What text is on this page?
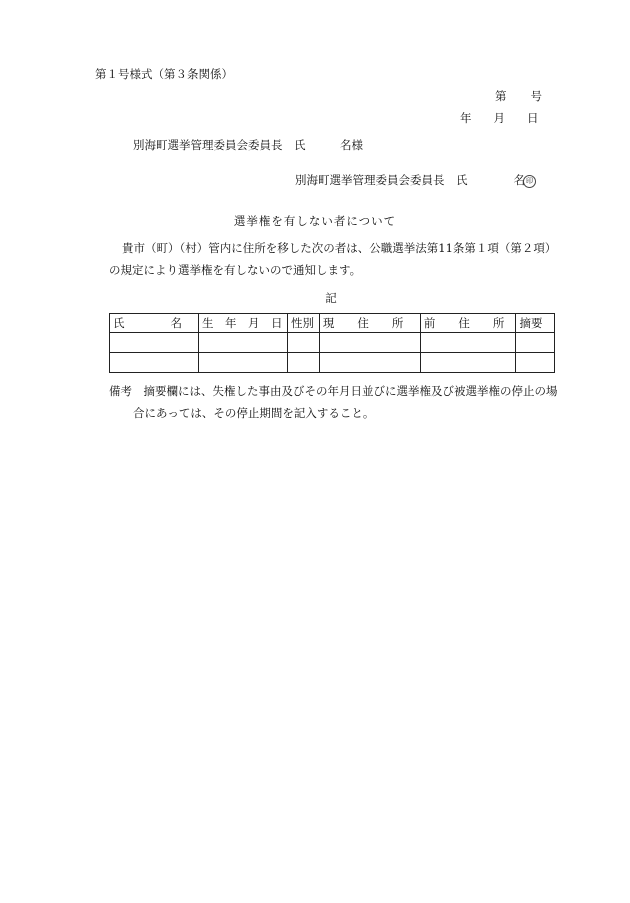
第１号様式（第３条関係）
第 号
年 月 日
別海町選挙管理委員会委員長　氏　　　名様
別海町選挙管理委員会委員長　氏　　　　名印
選挙権を有しない者について
貴市（町）（村）管内に住所を移した次の者は、公職選挙法第11条第１項（第２項）
の規定により選挙権を有しないので通知します。
記
氏　　　　名	生　年　月　日	性別	現　　住　　所	前　　住　　所	摘要

備考　摘要欄には、失権した事由及びその年月日並びに選挙権及び被選挙権の停止の場
合にあっては、その停止期間を記入すること。
